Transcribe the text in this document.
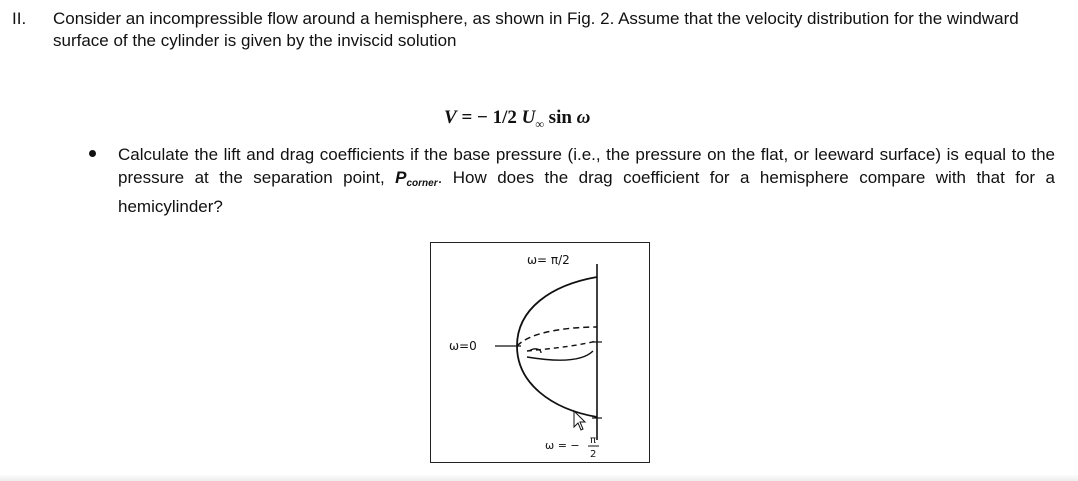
II. Consider an incompressible flow around a hemisphere, as shown in Fig. 2. Assume that the velocity distribution for the windward surface of the cylinder is given by the inviscid solution
V = − 1/2 $U_\infty$ sin ω
Calculate the lift and drag coefficients if the base pressure (i.e., the pressure on the flat, or leeward surface) is equal to the pressure at the separation point, Pcorner. How does the drag coefficient for a hemisphere compare with that for a hemicylinder?
ω= π/2
ω=0
ω = − π
2
